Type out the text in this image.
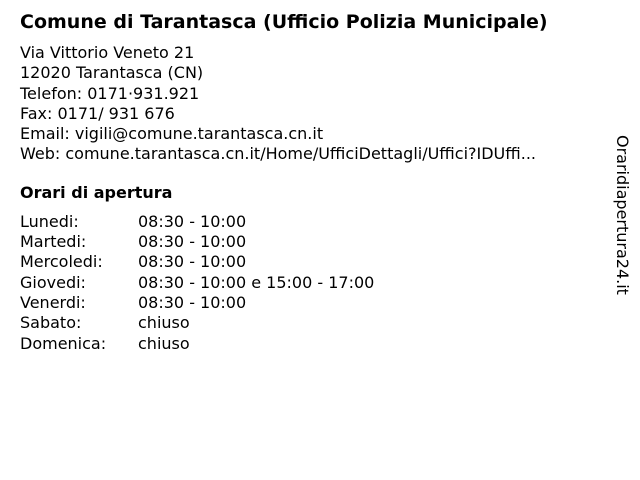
Comune di Tarantasca (Ufficio Polizia Municipale)
Via Vittorio Veneto 21
12020 Tarantasca (CN)
Telefon: 0171·931.921
Fax: 0171/ 931 676
Email: vigili@comune.tarantasca.cn.it
Web: comune.tarantasca.cn.it/Home/UfficiDettagli/Uffici?IDUffi...
Orari di apertura
Lunedi:	08:30 - 10:00
Martedi:	08:30 - 10:00
Mercoledi:	08:30 - 10:00
Giovedi:	08:30 - 10:00 e 15:00 - 17:00
Venerdi:	08:30 - 10:00
Sabato:	chiuso
Domenica:	chiuso
Oraridiapertura24.it
